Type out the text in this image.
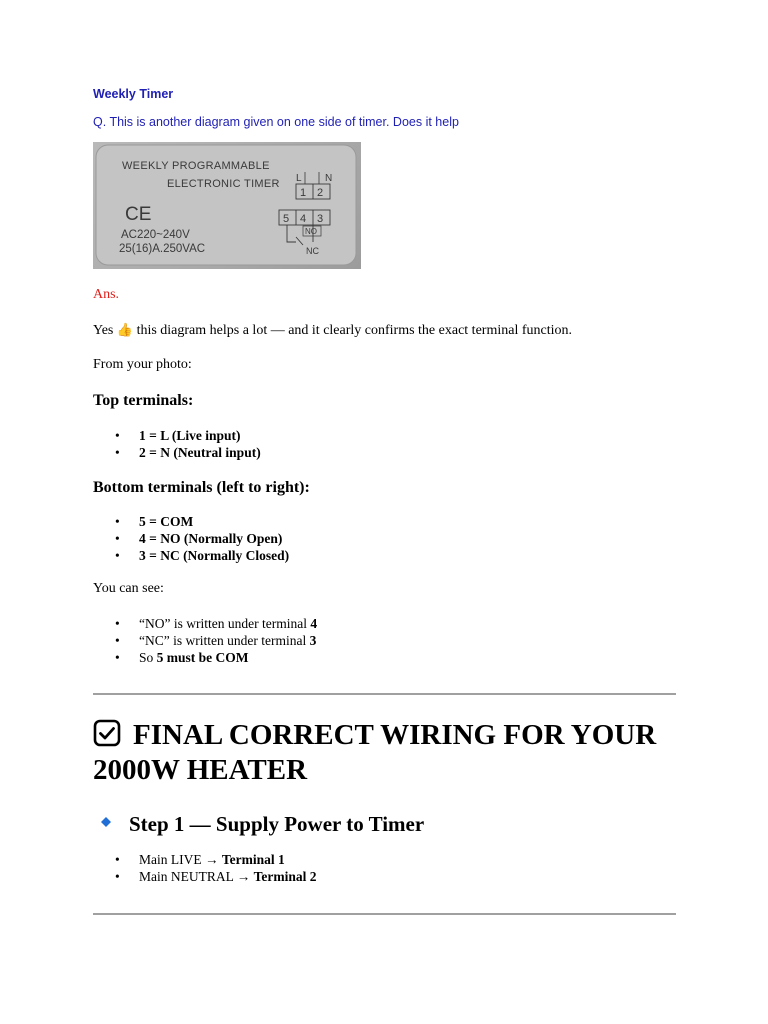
Weekly Timer
Q. This is another diagram given on one side of timer. Does it help
WEEKLY PROGRAMMABLE
ELECTRONIC TIMER
CE
AC220~240V
25(16)A.250VAC
L N
1 2
5 4 3
NO
NC
Ans.
Yes 👍 this diagram helps a lot — and it clearly confirms the exact terminal function.
From your photo:
Top terminals:
• 1 = L (Live input)
• 2 = N (Neutral input)
Bottom terminals (left to right):
• 5 = COM
• 4 = NO (Normally Open)
• 3 = NC (Normally Closed)
You can see:
• “NO” is written under terminal 4
• “NC” is written under terminal 3
• So 5 must be COM
FINAL CORRECT WIRING FOR YOUR 2000W HEATER
Step 1 — Supply Power to Timer
• Main LIVE → Terminal 1
• Main NEUTRAL → Terminal 2
